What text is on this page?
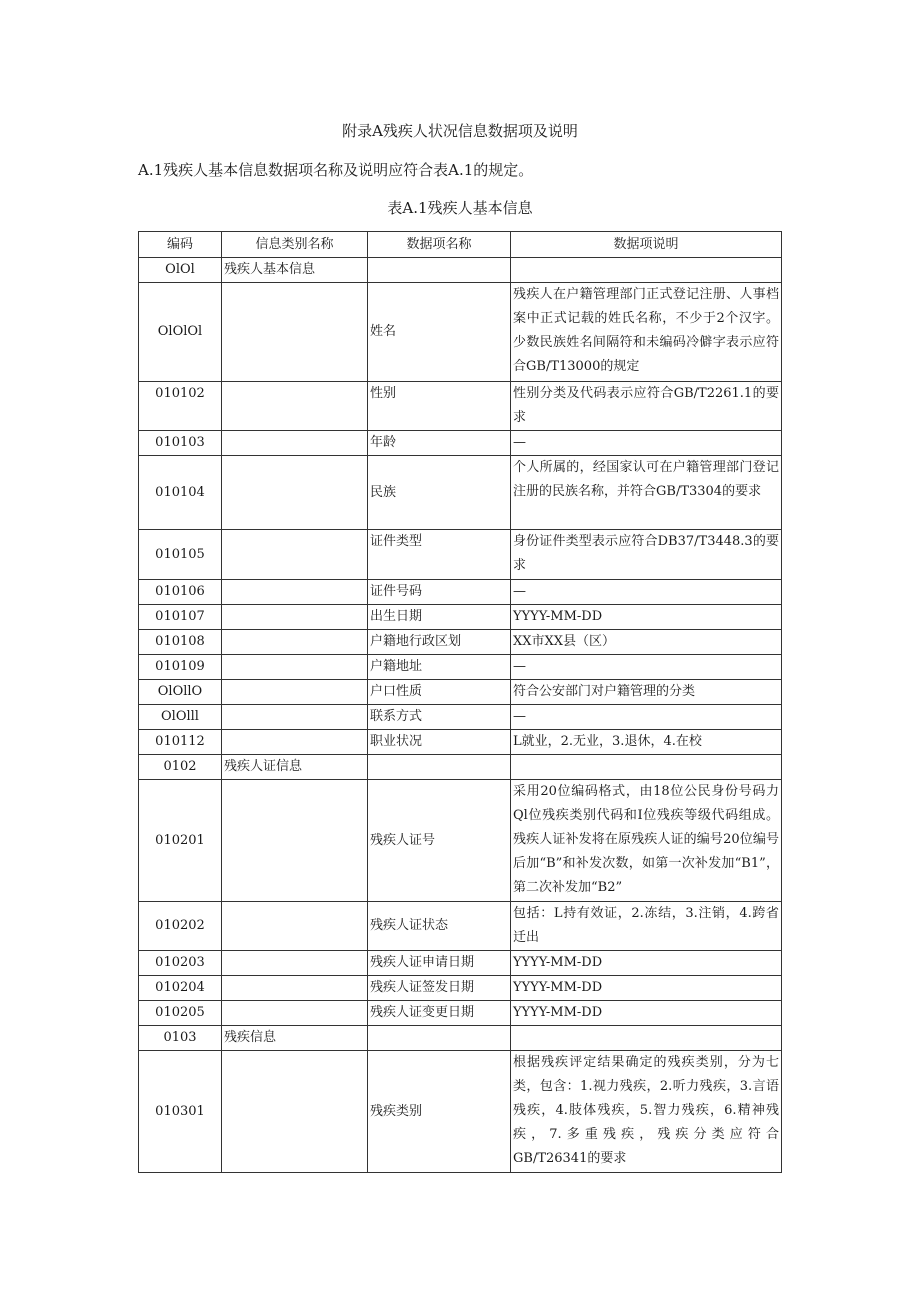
附录A残疾人状况信息数据项及说明
A.1残疾人基本信息数据项名称及说明应符合表A.1的规定。
表A.1残疾人基本信息
编码	信息类别名称	数据项名称	数据项说明
OlOl	残疾人基本信息		
OlOlOl		姓名	残疾人在户籍管理部门正式登记注册、人事档案中正式记载的姓氏名称，不少于2个汉字。少数民族姓名间隔符和未编码冷僻字表示应符合GB/T13000的规定
010102		性别	性别分类及代码表示应符合GB/T2261.1的要求
010103		年龄	—
010104		民族	个人所属的，经国家认可在户籍管理部门登记注册的民族名称，并符合GB/T3304的要求
010105		证件类型	身份证件类型表示应符合DB37/T3448.3的要求
010106		证件号码	—
010107		出生日期	YYYY-MM-DD
010108		户籍地行政区划	XX市XX县（区）
010109		户籍地址	—
OlOllO		户口性质	符合公安部门对户籍管理的分类
OlOlll		联系方式	—
010112		职业状况	L就业，2.无业，3.退休，4.在校
0102	残疾人证信息		
010201		残疾人证号	采用20位编码格式，由18位公民身份号码力Ql位残疾类别代码和I位残疾等级代码组成。残疾人证补发将在原残疾人证的编号20位编号后加“B”和补发次数，如第一次补发加“B1”，第二次补发加“B2”
010202		残疾人证状态	包括：L持有效证，2.冻结，3.注销，4.跨省迁出
010203		残疾人证申请日期	YYYY-MM-DD
010204		残疾人证签发日期	YYYY-MM-DD
010205		残疾人证变更日期	YYYY-MM-DD
0103	残疾信息		
010301		残疾类别	根据残疾评定结果确定的残疾类别，分为七类，包含：1.视力残疾，2.听力残疾，3.言语残疾，4.肢体残疾，5.智力残疾，6.精神残疾，7.多重残疾，残疾分类应符合GB/T26341的要求
